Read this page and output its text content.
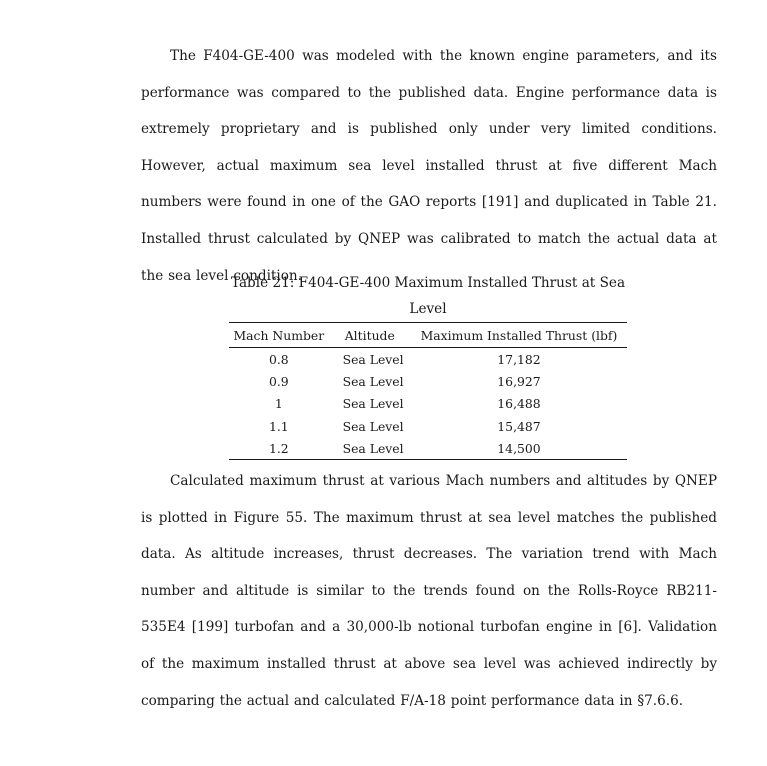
The F404-GE-400 was modeled with the known engine parameters, and its performance was compared to the published data. Engine performance data is extremely proprietary and is published only under very limited conditions. However, actual maximum sea level installed thrust at five different Mach numbers were found in one of the GAO reports [191] and duplicated in Table 21. Installed thrust calculated by QNEP was calibrated to match the actual data at the sea level condition.

Table 21: F404-GE-400 Maximum Installed Thrust at Sea Level

Mach Number	Altitude	Maximum Installed Thrust (lbf)
0.8	Sea Level	17,182
0.9	Sea Level	16,927
1	Sea Level	16,488
1.1	Sea Level	15,487
1.2	Sea Level	14,500

Calculated maximum thrust at various Mach numbers and altitudes by QNEP is plotted in Figure 55. The maximum thrust at sea level matches the published data. As altitude increases, thrust decreases. The variation trend with Mach number and altitude is similar to the trends found on the Rolls-Royce RB211-535E4 [199] turbofan and a 30,000-lb notional turbofan engine in [6]. Validation of the maximum installed thrust at above sea level was achieved indirectly by comparing the actual and calculated F/A-18 point performance data in §7.6.6.
